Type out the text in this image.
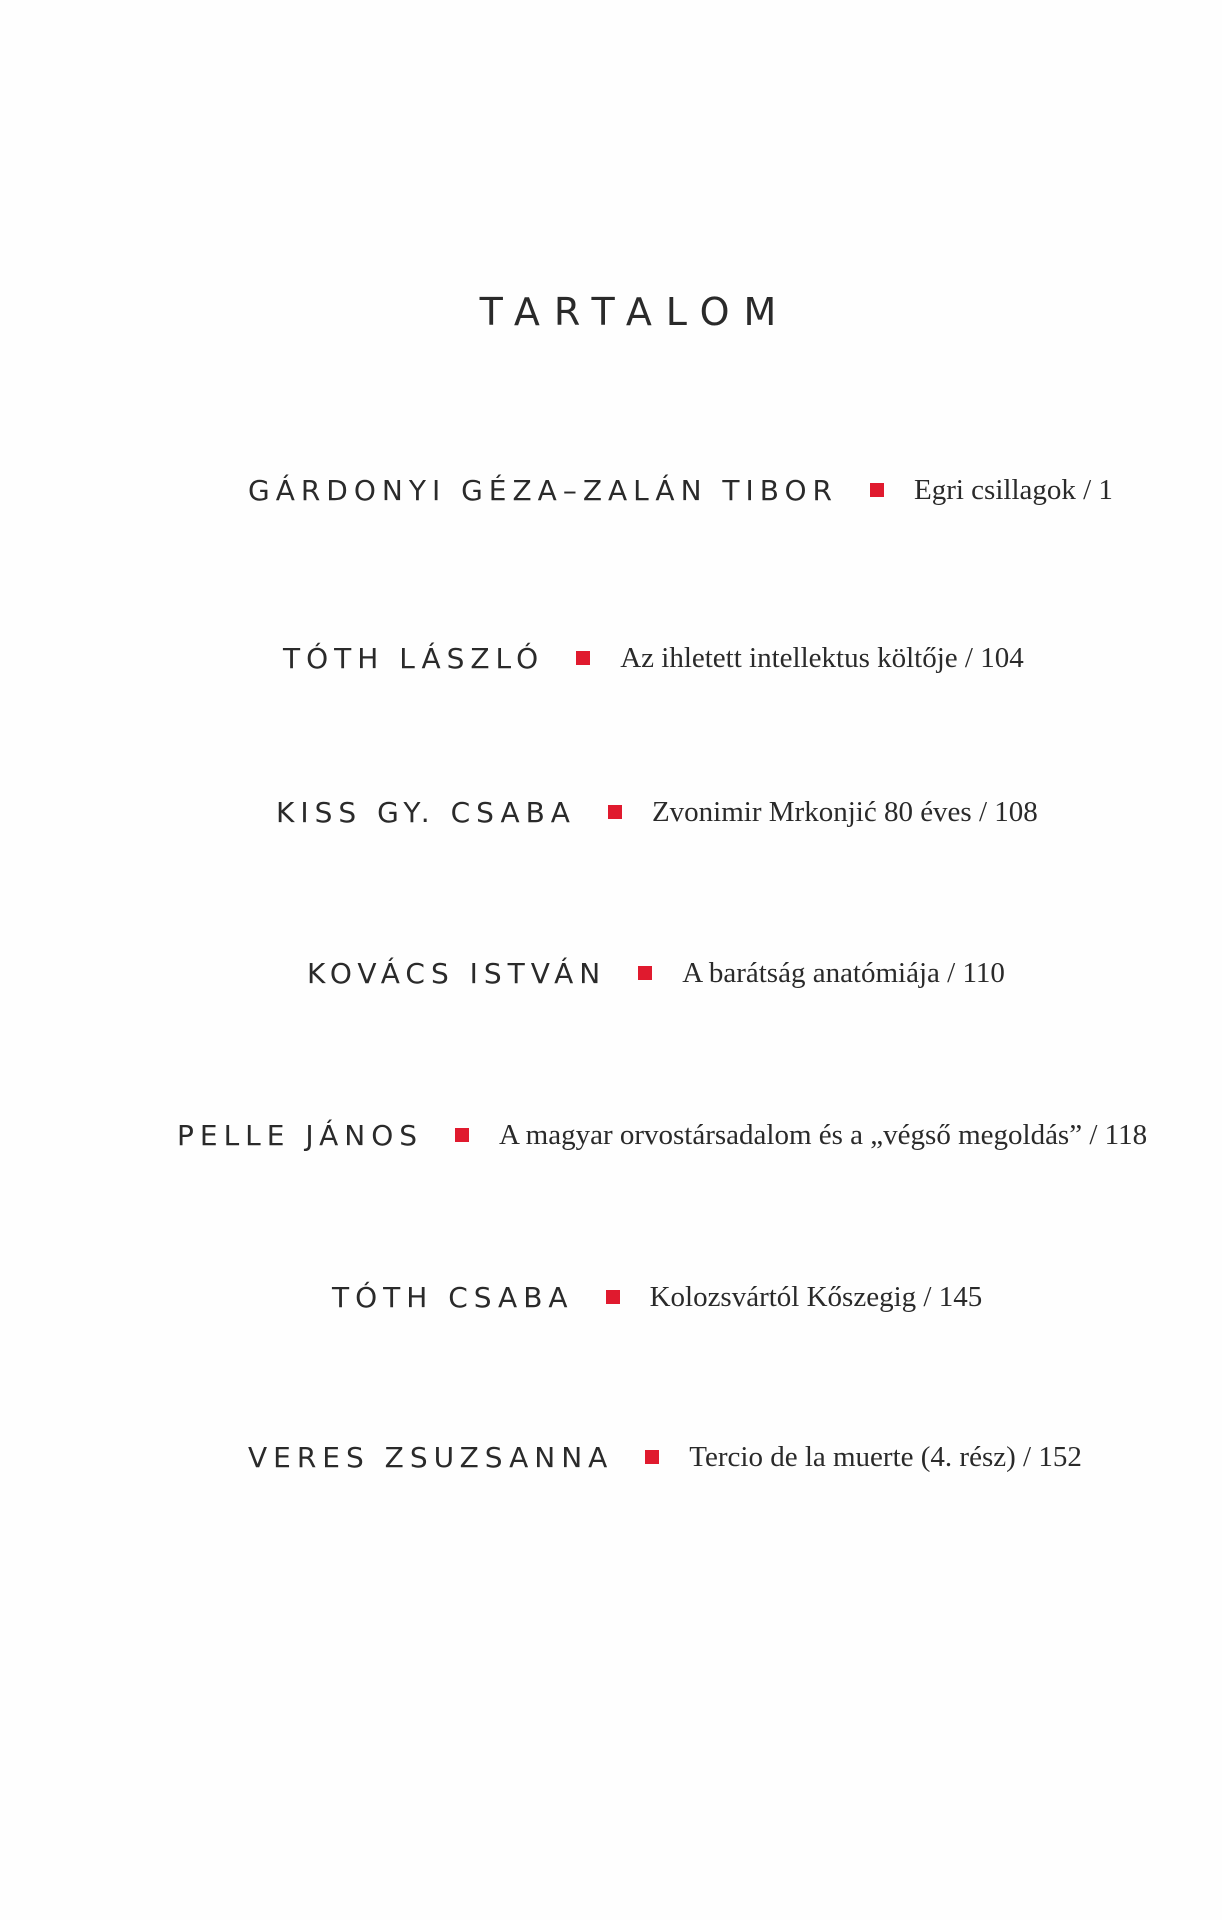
TARTALOM
GÁRDONYI GÉZA–ZALÁN TIBOR	Egri csillagok / 1
TÓTH LÁSZLÓ	Az ihletett intellektus költője / 104
KISS GY. CSABA	Zvonimir Mrkonjić 80 éves / 108
KOVÁCS ISTVÁN	A barátság anatómiája / 110
PELLE JÁNOS	A magyar orvostársadalom és a „végső megoldás” / 118
TÓTH CSABA	Kolozsvártól Kőszegig / 145
VERES ZSUZSANNA	Tercio de la muerte (4. rész) / 152
